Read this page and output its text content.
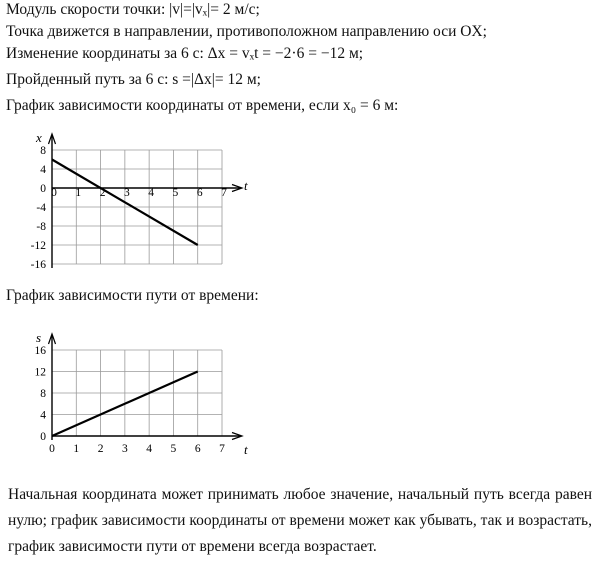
Модуль скорости точки: |v|=|vₓ|= 2 м/с;
Точка движется в направлении, противоположном направлению оси OX;
Изменение координаты за 6 с: Δx = vₓt = −2·6 = −12 м;
Пройденный путь за 6 с: s =|Δx|= 12 м;
График зависимости координаты от времени, если x₀ = 6 м:
x
t
8
4
0
-4
-8
-12
-16
0 1 2 3 4 5 6 7
График зависимости пути от времени:
s
t
16
12
8
4
0
0 1 2 3 4 5 6 7
Начальная координата может принимать любое значение, начальный путь всегда равен нулю; график зависимости координаты от времени может как убывать, так и возрастать, график зависимости пути от времени всегда возрастает.
